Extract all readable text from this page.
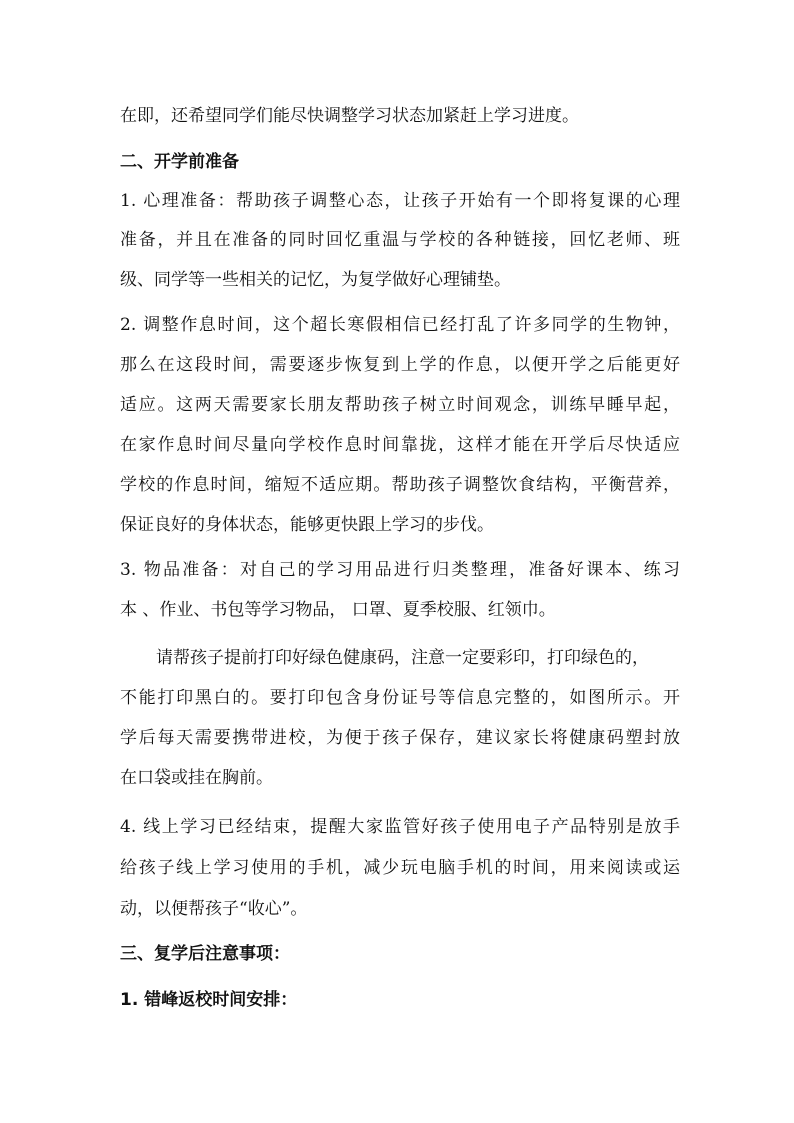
在即，还希望同学们能尽快调整学习状态加紧赶上学习进度。

二、开学前准备

1. 心理准备：帮助孩子调整心态，让孩子开始有一个即将复课的心理

准备，并且在准备的同时回忆重温与学校的各种链接，回忆老师、班

级、同学等一些相关的记忆，为复学做好心理铺垫。

2. 调整作息时间，这个超长寒假相信已经打乱了许多同学的生物钟，

那么在这段时间，需要逐步恢复到上学的作息，以便开学之后能更好

适应。这两天需要家长朋友帮助孩子树立时间观念，训练早睡早起，

在家作息时间尽量向学校作息时间靠拢，这样才能在开学后尽快适应

学校的作息时间，缩短不适应期。帮助孩子调整饮食结构，平衡营养，

保证良好的身体状态，能够更快跟上学习的步伐。

3. 物品准备：对自己的学习用品进行归类整理，准备好课本、练习

本 、作业、书包等学习物品， 口罩、夏季校服、红领巾。

请帮孩子提前打印好绿色健康码，注意一定要彩印，打印绿色的，

不能打印黑白的。要打印包含身份证号等信息完整的，如图所示。开

学后每天需要携带进校，为便于孩子保存，建议家长将健康码塑封放

在口袋或挂在胸前。

4. 线上学习已经结束，提醒大家监管好孩子使用电子产品特别是放手

给孩子线上学习使用的手机，减少玩电脑手机的时间，用来阅读或运

动，以便帮孩子“收心”。

三、复学后注意事项：

1. 错峰返校时间安排：
